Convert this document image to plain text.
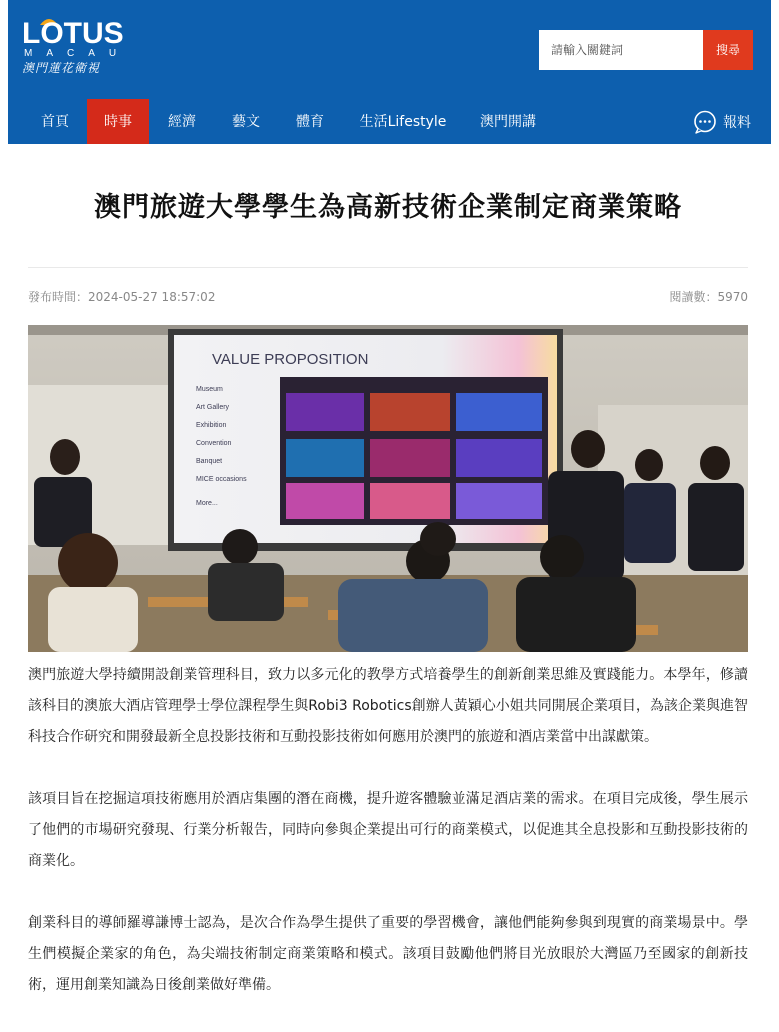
LOTUS
MACAU
澳門蓮花衛視
請輸入關鍵詞
搜尋
首頁	時事	經濟	藝文	體育	生活Lifestyle	澳門開講	報料
澳門旅遊大學學生為高新技術企業制定商業策略
發布時間：2024-05-27 18:57:02	閱讀數：5970
VALUE PROPOSITION
Museum
Art Gallery
Exhibition
Convention
Banquet
MICE occasions
More...

澳門旅遊大學持續開設創業管理科目，致力以多元化的教學方式培養學生的創新創業思維及實踐能力。本學年，修讀該科目的澳旅大酒店管理學士學位課程學生與Robi3 Robotics創辦人黃穎心小姐共同開展企業項目，為該企業與進智科技合作研究和開發最新全息投影技術和互動投影技術如何應用於澳門的旅遊和酒店業當中出謀獻策。

該項目旨在挖掘這項技術應用於酒店集團的潛在商機，提升遊客體驗並滿足酒店業的需求。在項目完成後，學生展示了他們的市場研究發現、行業分析報告，同時向參與企業提出可行的商業模式，以促進其全息投影和互動投影技術的商業化。

創業科目的導師羅導謙博士認為，是次合作為學生提供了重要的學習機會，讓他們能夠參與到現實的商業場景中。學生們模擬企業家的角色，為尖端技術制定商業策略和模式。該項目鼓勵他們將目光放眼於大灣區乃至國家的創新技術，運用創業知識為日後創業做好準備。
